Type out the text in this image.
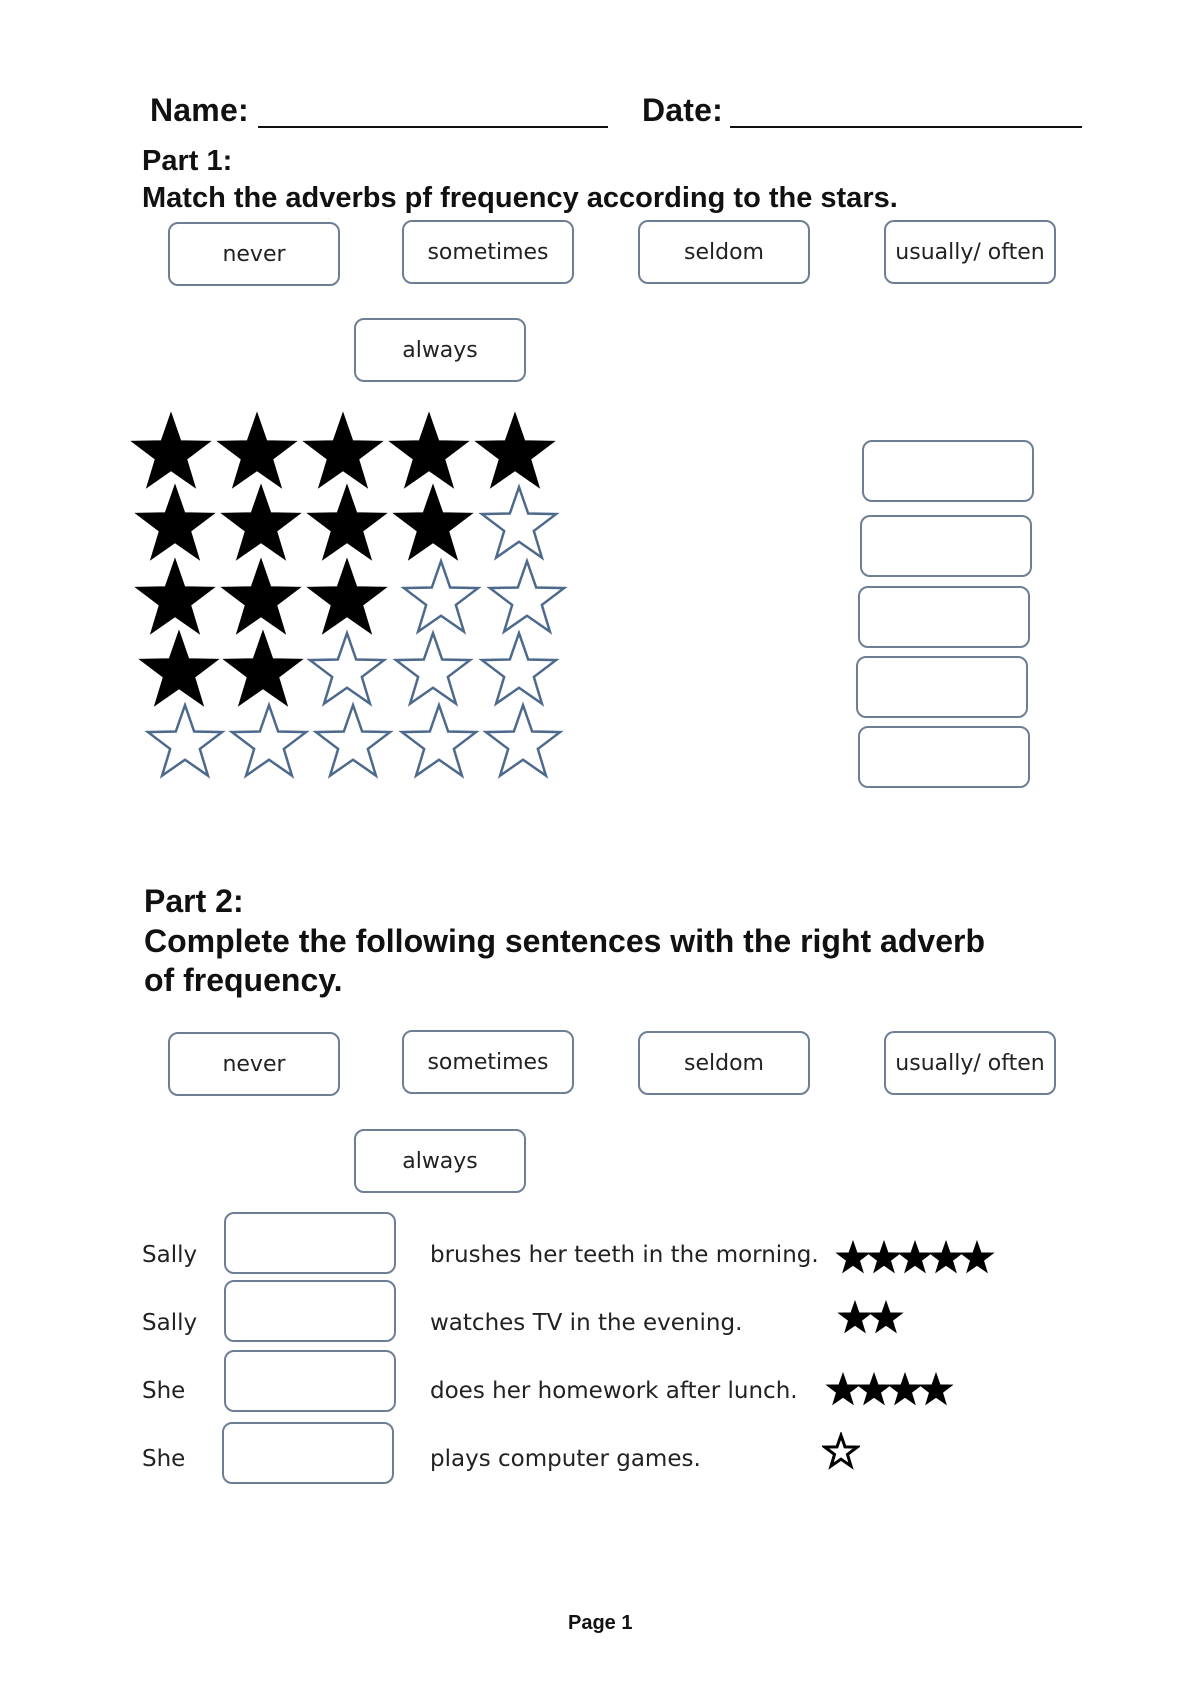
Name:	Date:
Part 1:
Match the adverbs pf frequency according to the stars.
never	sometimes	seldom	usually/ often
always
Part 2:
Complete the following sentences with the right adverb
of frequency.
never	sometimes	seldom	usually/ often
always
Sally	brushes her teeth in the morning.
Sally	watches TV in the evening.
She	does her homework after lunch.
She	plays computer games.
Page 1
